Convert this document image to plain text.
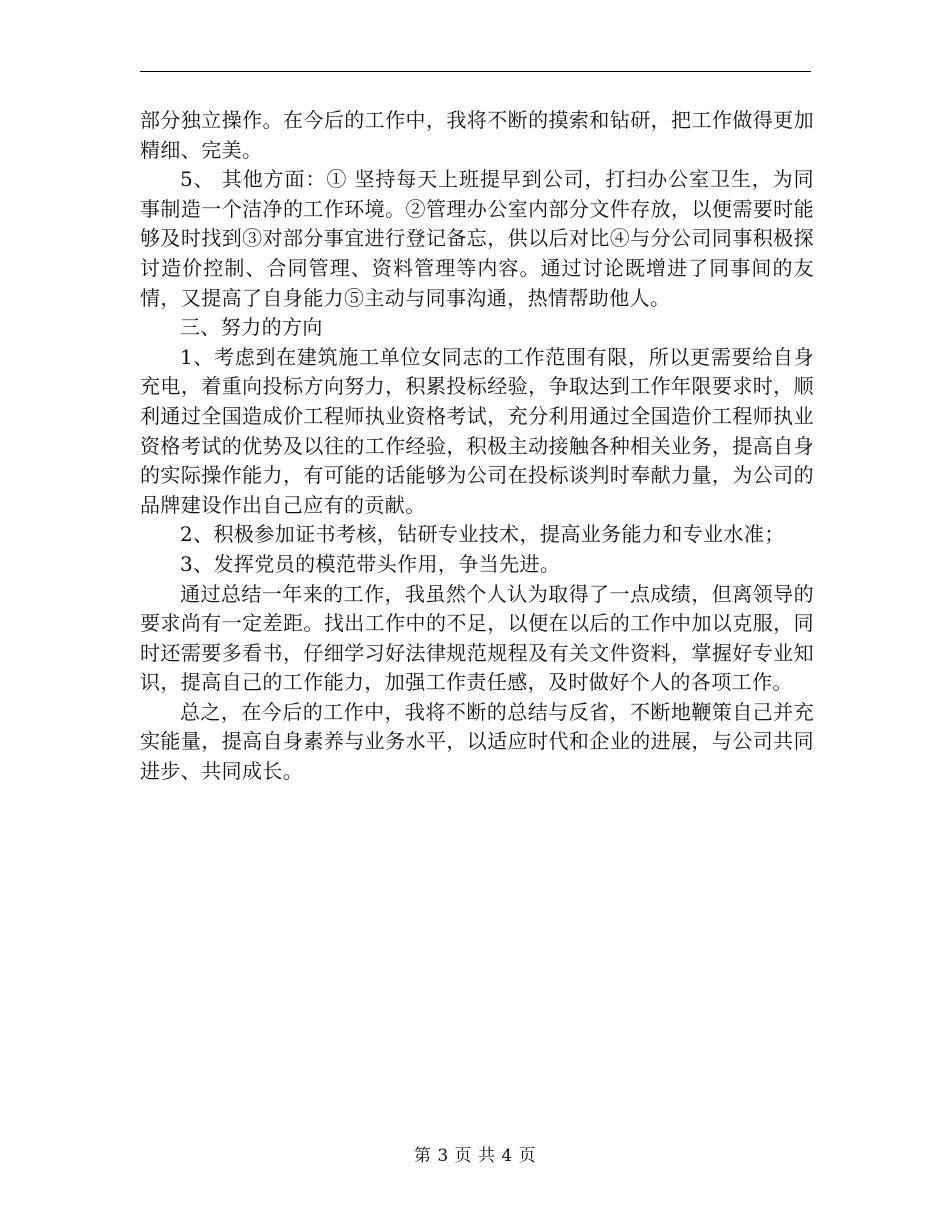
部分独立操作。在今后的工作中，我将不断的摸索和钻研，把工作做得更加精细、完美。

5、 其他方面：① 坚持每天上班提早到公司，打扫办公室卫生，为同事制造一个洁净的工作环境。②管理办公室内部分文件存放，以便需要时能够及时找到③对部分事宜进行登记备忘，供以后对比④与分公司同事积极探讨造价控制、合同管理、资料管理等内容。通过讨论既增进了同事间的友情，又提高了自身能力⑤主动与同事沟通，热情帮助他人。

三、努力的方向

1、考虑到在建筑施工单位女同志的工作范围有限，所以更需要给自身充电，着重向投标方向努力，积累投标经验，争取达到工作年限要求时，顺利通过全国造成价工程师执业资格考试，充分利用通过全国造价工程师执业资格考试的优势及以往的工作经验，积极主动接触各种相关业务，提高自身的实际操作能力，有可能的话能够为公司在投标谈判时奉献力量，为公司的品牌建设作出自己应有的贡献。

2、积极参加证书考核，钻研专业技术，提高业务能力和专业水准；

3、发挥党员的模范带头作用，争当先进。

通过总结一年来的工作，我虽然个人认为取得了一点成绩，但离领导的要求尚有一定差距。找出工作中的不足，以便在以后的工作中加以克服，同时还需要多看书，仔细学习好法律规范规程及有关文件资料，掌握好专业知识，提高自己的工作能力，加强工作责任感，及时做好个人的各项工作。

总之，在今后的工作中，我将不断的总结与反省，不断地鞭策自己并充实能量，提高自身素养与业务水平，以适应时代和企业的进展，与公司共同进步、共同成长。

第 3 页 共 4 页
